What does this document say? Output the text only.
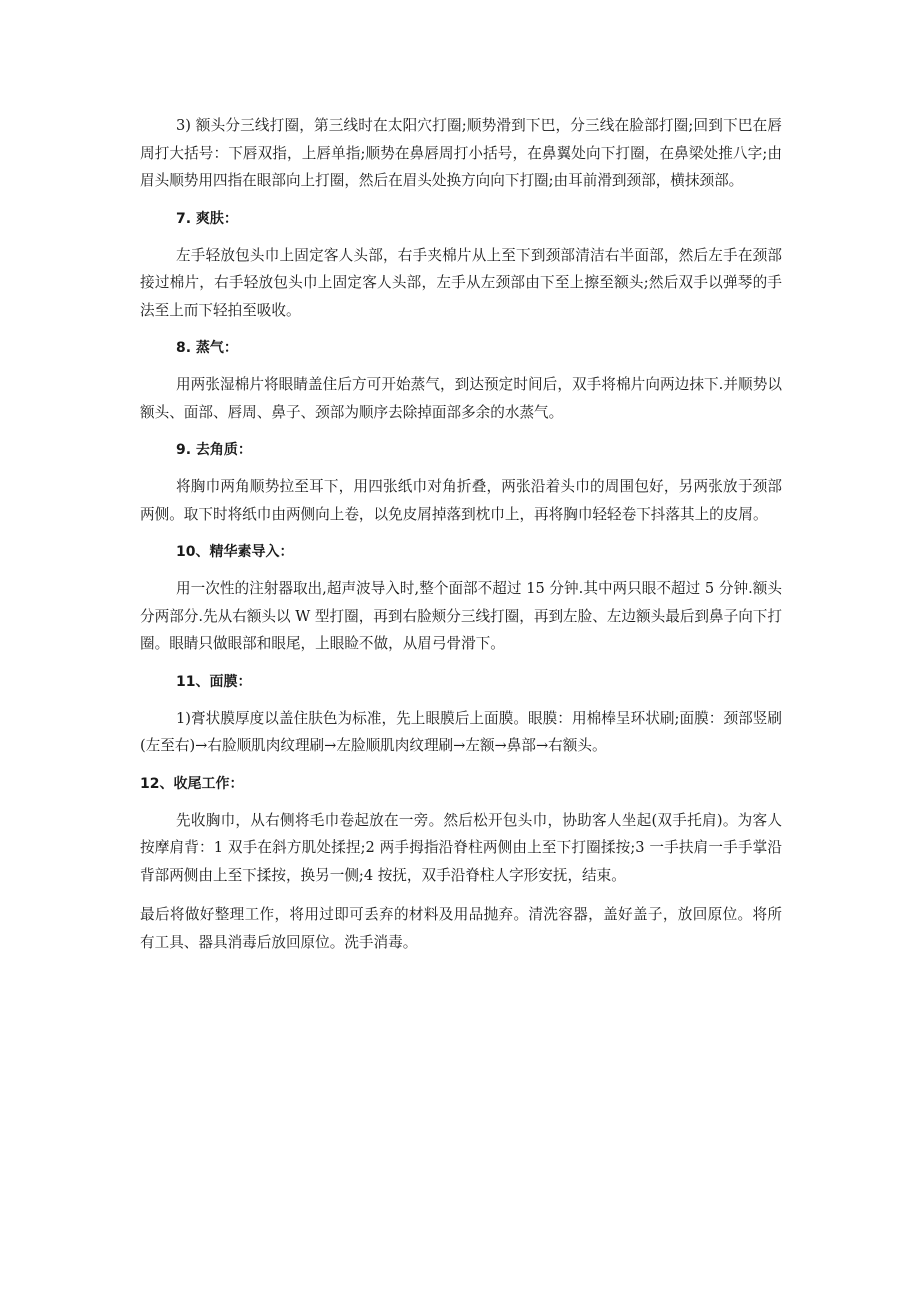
3) 额头分三线打圈，第三线时在太阳穴打圈;顺势滑到下巴，分三线在脸部打圈;回到下巴在唇周打大括号：下唇双指，上唇单指;顺势在鼻唇周打小括号，在鼻翼处向下打圈，在鼻梁处推八字;由眉头顺势用四指在眼部向上打圈，然后在眉头处换方向向下打圈;由耳前滑到颈部，横抹颈部。

7. 爽肤：

左手轻放包头巾上固定客人头部，右手夹棉片从上至下到颈部清洁右半面部，然后左手在颈部接过棉片，右手轻放包头巾上固定客人头部，左手从左颈部由下至上擦至额头;然后双手以弹琴的手法至上而下轻拍至吸收。

8. 蒸气：

用两张湿棉片将眼睛盖住后方可开始蒸气，到达预定时间后，双手将棉片向两边抹下.并顺势以额头、面部、唇周、鼻子、颈部为顺序去除掉面部多余的水蒸气。

9. 去角质：

将胸巾两角顺势拉至耳下，用四张纸巾对角折叠，两张沿着头巾的周围包好，另两张放于颈部两侧。取下时将纸巾由两侧向上卷，以免皮屑掉落到枕巾上，再将胸巾轻轻卷下抖落其上的皮屑。

10、精华素导入：

用一次性的注射器取出,超声波导入时,整个面部不超过 15 分钟.其中两只眼不超过 5 分钟.额头分两部分.先从右额头以 W 型打圈，再到右脸颊分三线打圈，再到左脸、左边额头最后到鼻子向下打圈。眼睛只做眼部和眼尾，上眼睑不做，从眉弓骨滑下。

11、面膜：

1)膏状膜厚度以盖住肤色为标准，先上眼膜后上面膜。眼膜：用棉棒呈环状刷;面膜：颈部竖刷(左至右)→右脸顺肌肉纹理刷→左脸顺肌肉纹理刷→左额→鼻部→右额头。

12、收尾工作：

先收胸巾，从右侧将毛巾卷起放在一旁。然后松开包头巾，协助客人坐起(双手托肩)。为客人按摩肩背：1 双手在斜方肌处揉捏;2 两手拇指沿脊柱两侧由上至下打圈揉按;3 一手扶肩一手手掌沿背部两侧由上至下揉按，换另一侧;4 按抚，双手沿脊柱人字形安抚，结束。

最后将做好整理工作，将用过即可丢弃的材料及用品抛弃。清洗容器，盖好盖子，放回原位。将所有工具、器具消毒后放回原位。洗手消毒。
